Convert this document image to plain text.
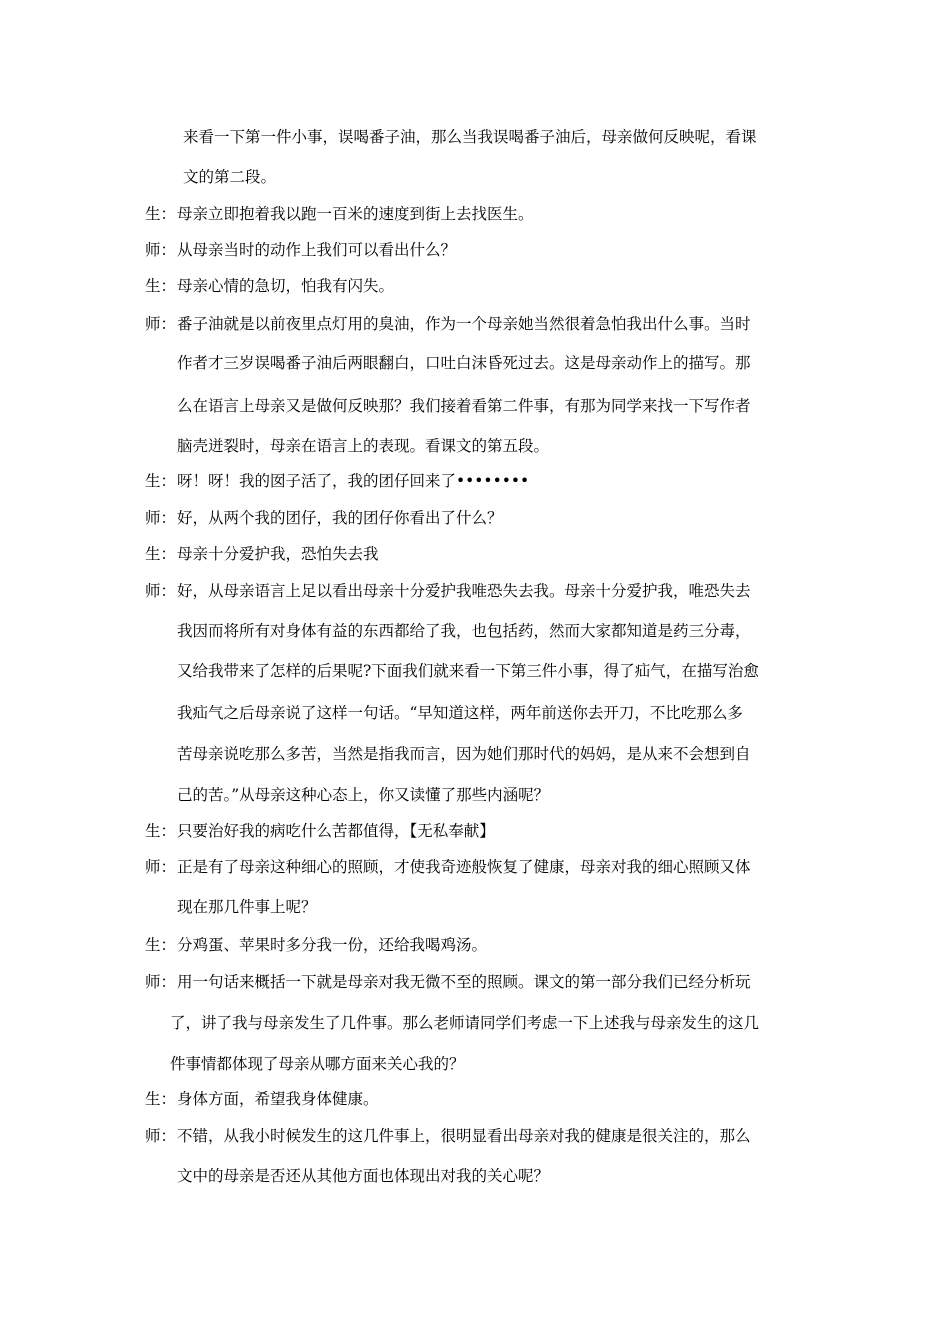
来看一下第一件小事，误喝番子油，那么当我误喝番子油后，母亲做何反映呢，看课
文的第二段。
生： 母亲立即抱着我以跑一百米的速度到街上去找医生。
师： 从母亲当时的动作上我们可以看出什么？
生： 母亲心情的急切，怕我有闪失。
师： 番子油就是以前夜里点灯用的臭油，作为一个母亲她当然很着急怕我出什么事。当时
作者才三岁误喝番子油后两眼翻白，口吐白沫昏死过去。这是母亲动作上的描写。那
么在语言上母亲又是做何反映那？我们接着看第二件事，有那为同学来找一下写作者
脑壳迸裂时，母亲在语言上的表现。看课文的第五段。
生： 呀！呀！我的囡子活了，我的团仔回来了••••••••
师： 好，从两个我的团仔，我的团仔你看出了什么？
生： 母亲十分爱护我，恐怕失去我
师： 好，从母亲语言上足以看出母亲十分爱护我唯恐失去我。母亲十分爱护我，唯恐失去
我因而将所有对身体有益的东西都给了我，也包括药，然而大家都知道是药三分毒，
又给我带来了怎样的后果呢?下面我们就来看一下第三件小事，得了疝气，在描写治愈
我疝气之后母亲说了这样一句话。“早知道这样，两年前送你去开刀，不比吃那么多
苦母亲说吃那么多苦，当然是指我而言，因为她们那时代的妈妈，是从来不会想到自
己的苦。”从母亲这种心态上，你又读懂了那些内涵呢？
生： 只要治好我的病吃什么苦都值得，【无私奉献】
师： 正是有了母亲这种细心的照顾，才使我奇迹般恢复了健康，母亲对我的细心照顾又体
现在那几件事上呢？
生： 分鸡蛋、苹果时多分我一份，还给我喝鸡汤。
师： 用一句话来概括一下就是母亲对我无微不至的照顾。课文的第一部分我们已经分析玩
了，讲了我与母亲发生了几件事。那么老师请同学们考虑一下上述我与母亲发生的这几
件事情都体现了母亲从哪方面来关心我的？
生： 身体方面，希望我身体健康。
师： 不错，从我小时候发生的这几件事上，很明显看出母亲对我的健康是很关注的，那么
文中的母亲是否还从其他方面也体现出对我的关心呢？
